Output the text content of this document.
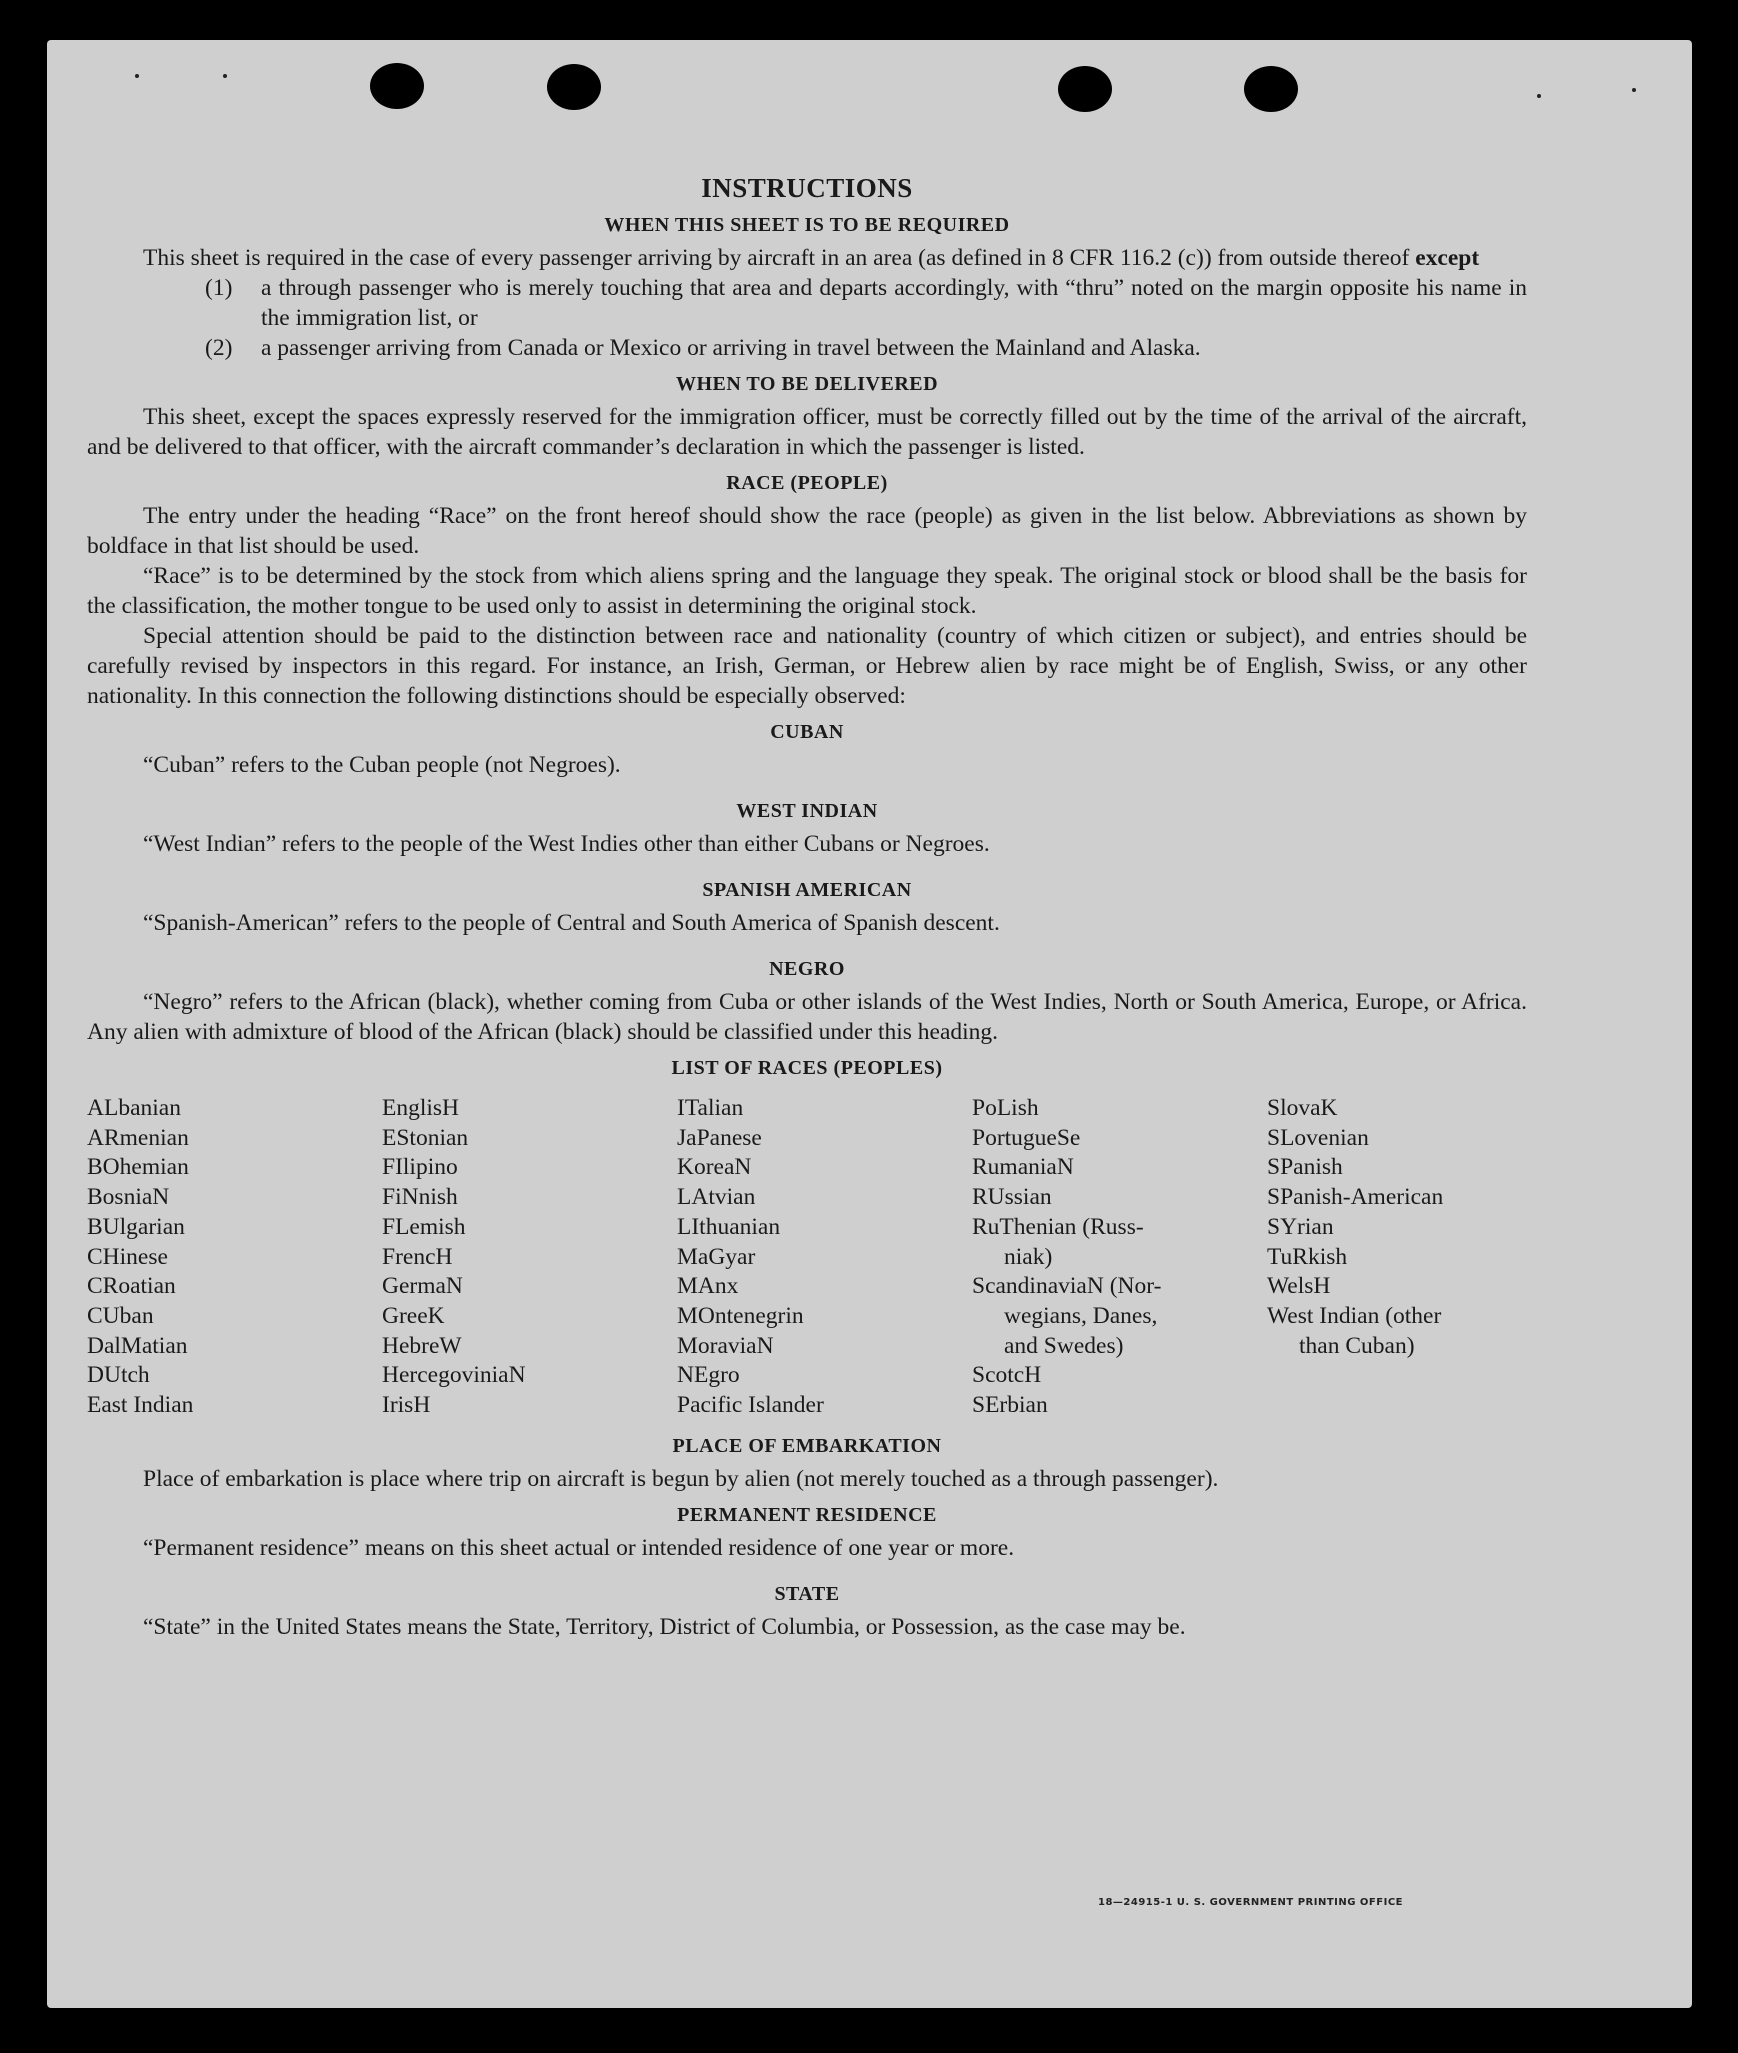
INSTRUCTIONS
WHEN THIS SHEET IS TO BE REQUIRED

This sheet is required in the case of every passenger arriving by aircraft in an area (as defined in 8 CFR 116.2 (c)) from outside thereof except

(1)	a through passenger who is merely touching that area and departs accordingly, with “thru” noted on the margin opposite his name in the immigration list, or

(2)	a passenger arriving from Canada or Mexico or arriving in travel between the Mainland and Alaska.

WHEN TO BE DELIVERED

This sheet, except the spaces expressly reserved for the immigration officer, must be correctly filled out by the time of the arrival of the aircraft, and be delivered to that officer, with the aircraft commander’s declaration in which the passenger is listed.

RACE (PEOPLE)

The entry under the heading “Race” on the front hereof should show the race (people) as given in the list below. Abbreviations as shown by boldface in that list should be used.

“Race” is to be determined by the stock from which aliens spring and the language they speak. The original stock or blood shall be the basis for the classification, the mother tongue to be used only to assist in determining the original stock.

Special attention should be paid to the distinction between race and nationality (country of which citizen or subject), and entries should be carefully revised by inspectors in this regard. For instance, an Irish, German, or Hebrew alien by race might be of English, Swiss, or any other nationality. In this connection the following distinctions should be especially observed:

CUBAN

“Cuban” refers to the Cuban people (not Negroes).

WEST INDIAN

“West Indian” refers to the people of the West Indies other than either Cubans or Negroes.

SPANISH AMERICAN

“Spanish-American” refers to the people of Central and South America of Spanish descent.

NEGRO

“Negro” refers to the African (black), whether coming from Cuba or other islands of the West Indies, North or South America, Europe, or Africa. Any alien with admixture of blood of the African (black) should be classified under this heading.

LIST OF RACES (PEOPLES)
ALbanian
ARmenian
BOhemian
BosniaN
BUlgarian
CHinese
CRoatian
CUban
DalMatian
DUtch
East Indian
EnglisH
EStonian
FIlipino
FiNnish
FLemish
FrencH
GermaN
GreeK
HebreW
HercegoviniaN
IrisH
ITalian
JaPanese
KoreaN
LAtvian
LIthuanian
MaGyar
MAnx
MOntenegrin
MoraviaN
NEgro
Pacific Islander
PoLish
PortugueSe
RumaniaN
RUssian
RuThenian (Russ-
niak)
ScandinaviaN (Nor-
wegians, Danes,
and Swedes)
ScotcH
SErbian
SlovaK
SLovenian
SPanish
SPanish-American
SYrian
TuRkish
WelsH
West Indian (other
than Cuban)
PLACE OF EMBARKATION

Place of embarkation is place where trip on aircraft is begun by alien (not merely touched as a through passenger).

PERMANENT RESIDENCE

“Permanent residence” means on this sheet actual or intended residence of one year or more.

STATE

“State” in the United States means the State, Territory, District of Columbia, or Possession, as the case may be.

18—24915-1 U. S. GOVERNMENT PRINTING OFFICE
